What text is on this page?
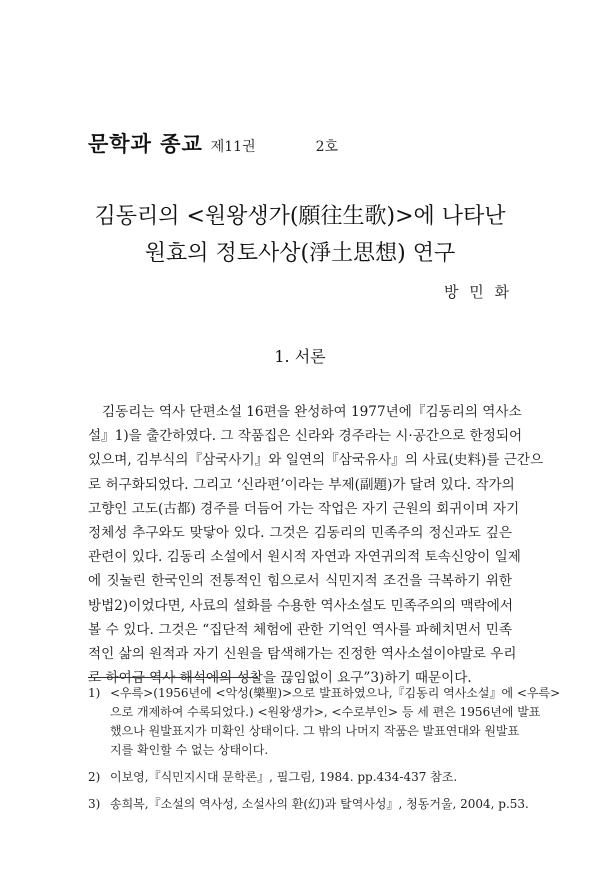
문학과 종교 제11권	2호
김동리의 <원왕생가(願往生歌)>에 나타난
원효의 정토사상(淨土思想) 연구
방 민 화
1. 서론
김동리는 역사 단편소설 16편을 완성하여 1977년에『김동리의 역사소
설』1)을 출간하였다. 그 작품집은 신라와 경주라는 시·공간으로 한정되어
있으며, 김부식의『삼국사기』와 일연의『삼국유사』의 사료(史料)를 근간으
로 허구화되었다. 그리고 ‘신라편’이라는 부제(副題)가 달려 있다. 작가의
고향인 고도(古都) 경주를 더듬어 가는 작업은 자기 근원의 회귀이며 자기
정체성 추구와도 맞닿아 있다. 그것은 김동리의 민족주의 정신과도 깊은
관련이 있다. 김동리 소설에서 원시적 자연과 자연귀의적 토속신앙이 일제
에 짓눌린 한국인의 전통적인 힘으로서 식민지적 조건을 극복하기 위한
방법2)이었다면, 사료의 설화를 수용한 역사소설도 민족주의의 맥락에서
볼 수 있다. 그것은 “집단적 체험에 관한 기억인 역사를 파헤치면서 민족
적인 삶의 원적과 자기 신원을 탐색해가는 진정한 역사소설이야말로 우리
로 하여금 역사 해석에의 성찰을 끊임없이 요구”3)하기 때문이다.
1) <우륵>(1956년에 <악성(樂聖)>으로 발표하였으나,『김동리 역사소설』에 <우륵>
으로 개제하여 수록되었다.) <원왕생가>, <수로부인> 등 세 편은 1956년에 발표
했으나 원발표지가 미확인 상태이다. 그 밖의 나머지 작품은 발표연대와 원발표
지를 확인할 수 없는 상태이다.
2) 이보영,『식민지시대 문학론』, 필그림, 1984. pp.434-437 참조.
3) 송희복,『소설의 역사성, 소설사의 환(幻)과 탈역사성』, 청동거울, 2004, p.53.
